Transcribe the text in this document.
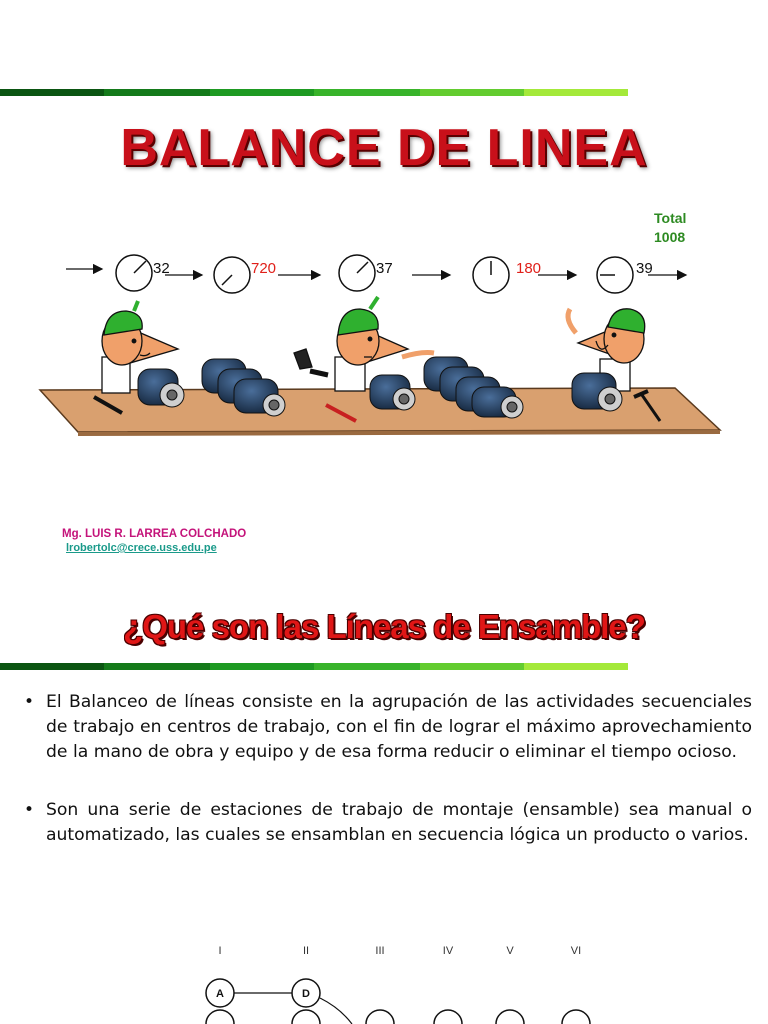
BALANCE DE LINEA
Total
1008
32	720	37	180	39
Mg. LUIS R. LARREA COLCHADO
lrobertolc@crece.uss.edu.pe
¿Qué son las Líneas de Ensamble?
• El Balanceo de líneas consiste en la agrupación de las actividades secuenciales de trabajo en centros de trabajo, con el fin de lograr el máximo aprovechamiento de la mano de obra y equipo y de esa forma reducir o eliminar el tiempo ocioso.
• Son una serie de estaciones de trabajo de montaje (ensamble) sea manual o automatizado, las cuales se ensamblan en secuencia lógica un producto o varios.
I	II	III	IV	V	VI
A	D
